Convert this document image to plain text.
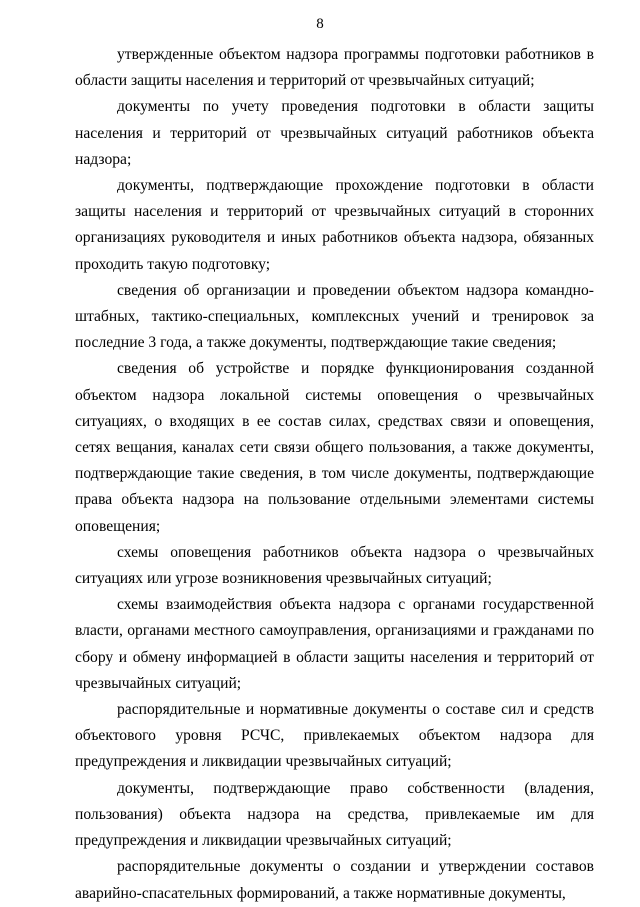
8

утвержденные объектом надзора программы подготовки работников в области защиты населения и территорий от чрезвычайных ситуаций;

документы по учету проведения подготовки в области защиты населения и территорий от чрезвычайных ситуаций работников объекта надзора;

документы, подтверждающие прохождение подготовки в области защиты населения и территорий от чрезвычайных ситуаций в сторонних организациях руководителя и иных работников объекта надзора, обязанных проходить такую подготовку;

сведения об организации и проведении объектом надзора командно-штабных, тактико-специальных, комплексных учений и тренировок за последние 3 года, а также документы, подтверждающие такие сведения;

сведения об устройстве и порядке функционирования созданной объектом надзора локальной системы оповещения о чрезвычайных ситуациях, о входящих в ее состав силах, средствах связи и оповещения, сетях вещания, каналах сети связи общего пользования, а также документы, подтверждающие такие сведения, в том числе документы, подтверждающие права объекта надзора на пользование отдельными элементами системы оповещения;

схемы оповещения работников объекта надзора о чрезвычайных ситуациях или угрозе возникновения чрезвычайных ситуаций;

схемы взаимодействия объекта надзора с органами государственной власти, органами местного самоуправления, организациями и гражданами по сбору и обмену информацией в области защиты населения и территорий от чрезвычайных ситуаций;

распорядительные и нормативные документы о составе сил и средств объектового уровня РСЧС, привлекаемых объектом надзора для предупреждения и ликвидации чрезвычайных ситуаций;

документы, подтверждающие право собственности (владения, пользования) объекта надзора на средства, привлекаемые им для предупреждения и ликвидации чрезвычайных ситуаций;

распорядительные документы о создании и утверждении составов аварийно-спасательных формирований, а также нормативные документы,
